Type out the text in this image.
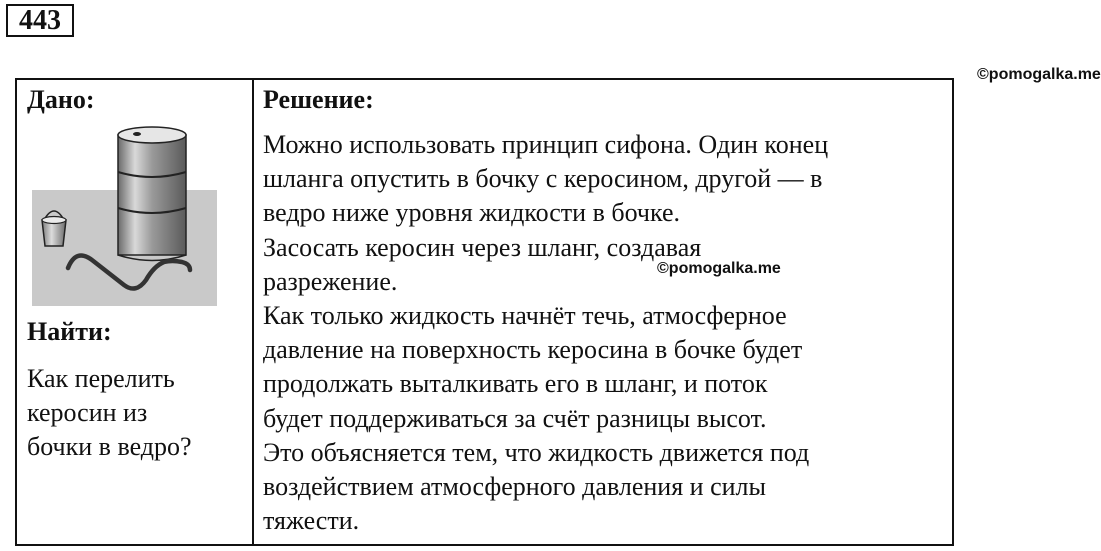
443
Дано:
Найти:
Как перелить
керосин из
бочки в ведро?
Решение:
©pomogalka.me
Можно использовать принцип сифона. Один конец
шланга опустить в бочку с керосином, другой — в
ведро ниже уровня жидкости в бочке.
Засосать керосин через шланг, создавая
разрежение.
Как только жидкость начнёт течь, атмосферное
давление на поверхность керосина в бочке будет
продолжать выталкивать его в шланг, и поток
будет поддерживаться за счёт разницы высот.
Это объясняется тем, что жидкость движется под
воздействием атмосферного давления и силы
тяжести.
©pomogalka.me
